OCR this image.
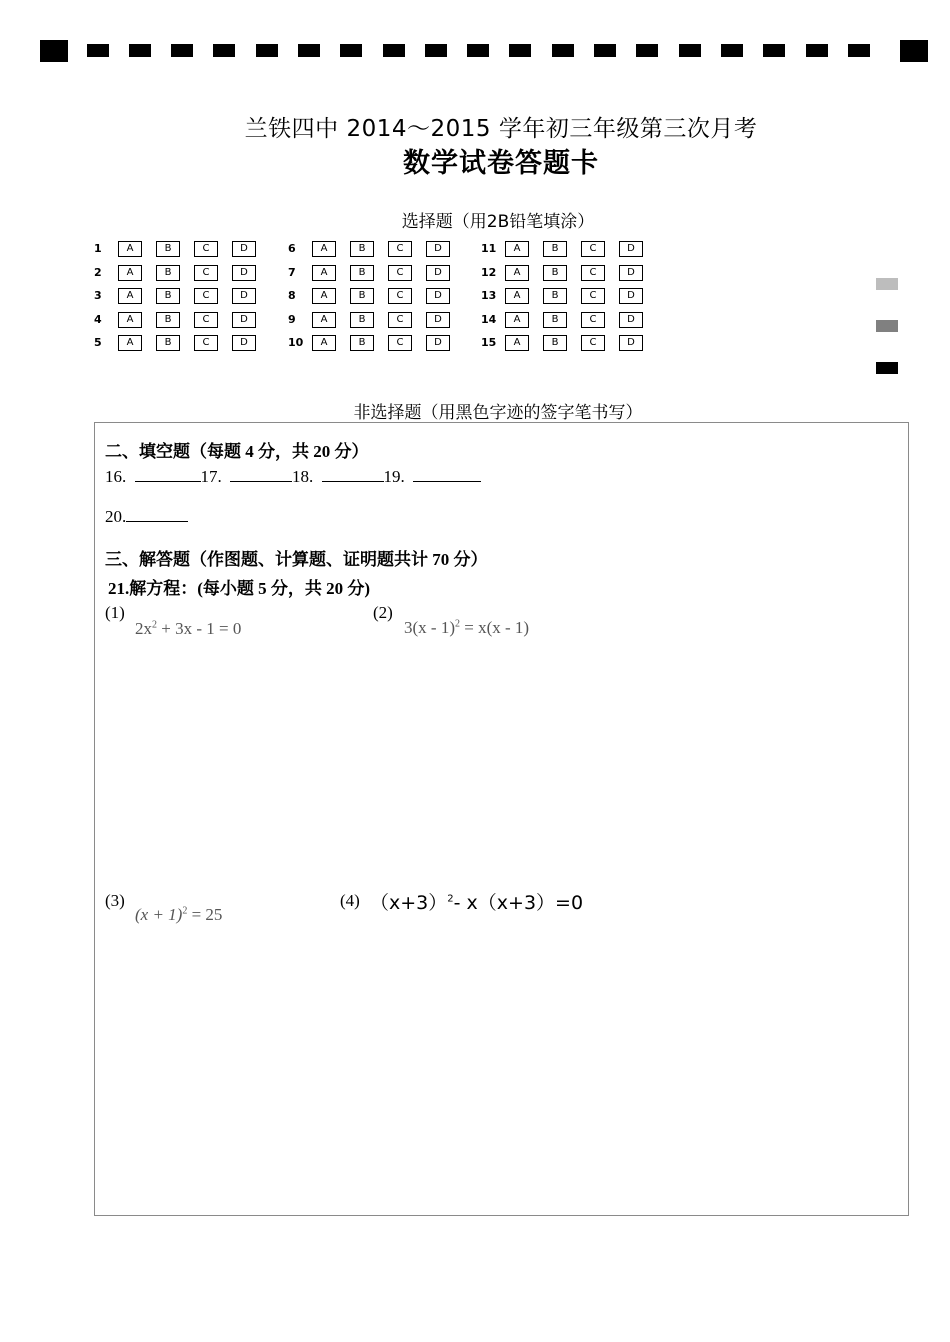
兰铁四中 2014～2015 学年初三年级第三次月考
数学试卷答题卡
选择题（用2B铅笔填涂）
1	A	B	C	D
2	A	B	C	D
3	A	B	C	D
4	A	B	C	D
5	A	B	C	D
6	A	B	C	D
7	A	B	C	D
8	A	B	C	D
9	A	B	C	D
10	A	B	C	D
11	A	B	C	D
12	A	B	C	D
13	A	B	C	D
14	A	B	C	D
15	A	B	C	D
非选择题（用黑色字迹的签字笔书写）
二、填空题（每题 4 分，共 20 分）
16.	17.	18.	19.
20.
三、解答题（作图题、计算题、证明题共计 70 分）
21.解方程：(每小题 5 分，共 20 分)
(1)
$2x^2 + 3x - 1 = 0$
(2)
3(x - 1)$^2$ = x(x - 1)
(3)
$(x + 1)^2 = 25$
(4) $(x+3)^2-$ x（x+3）=0
